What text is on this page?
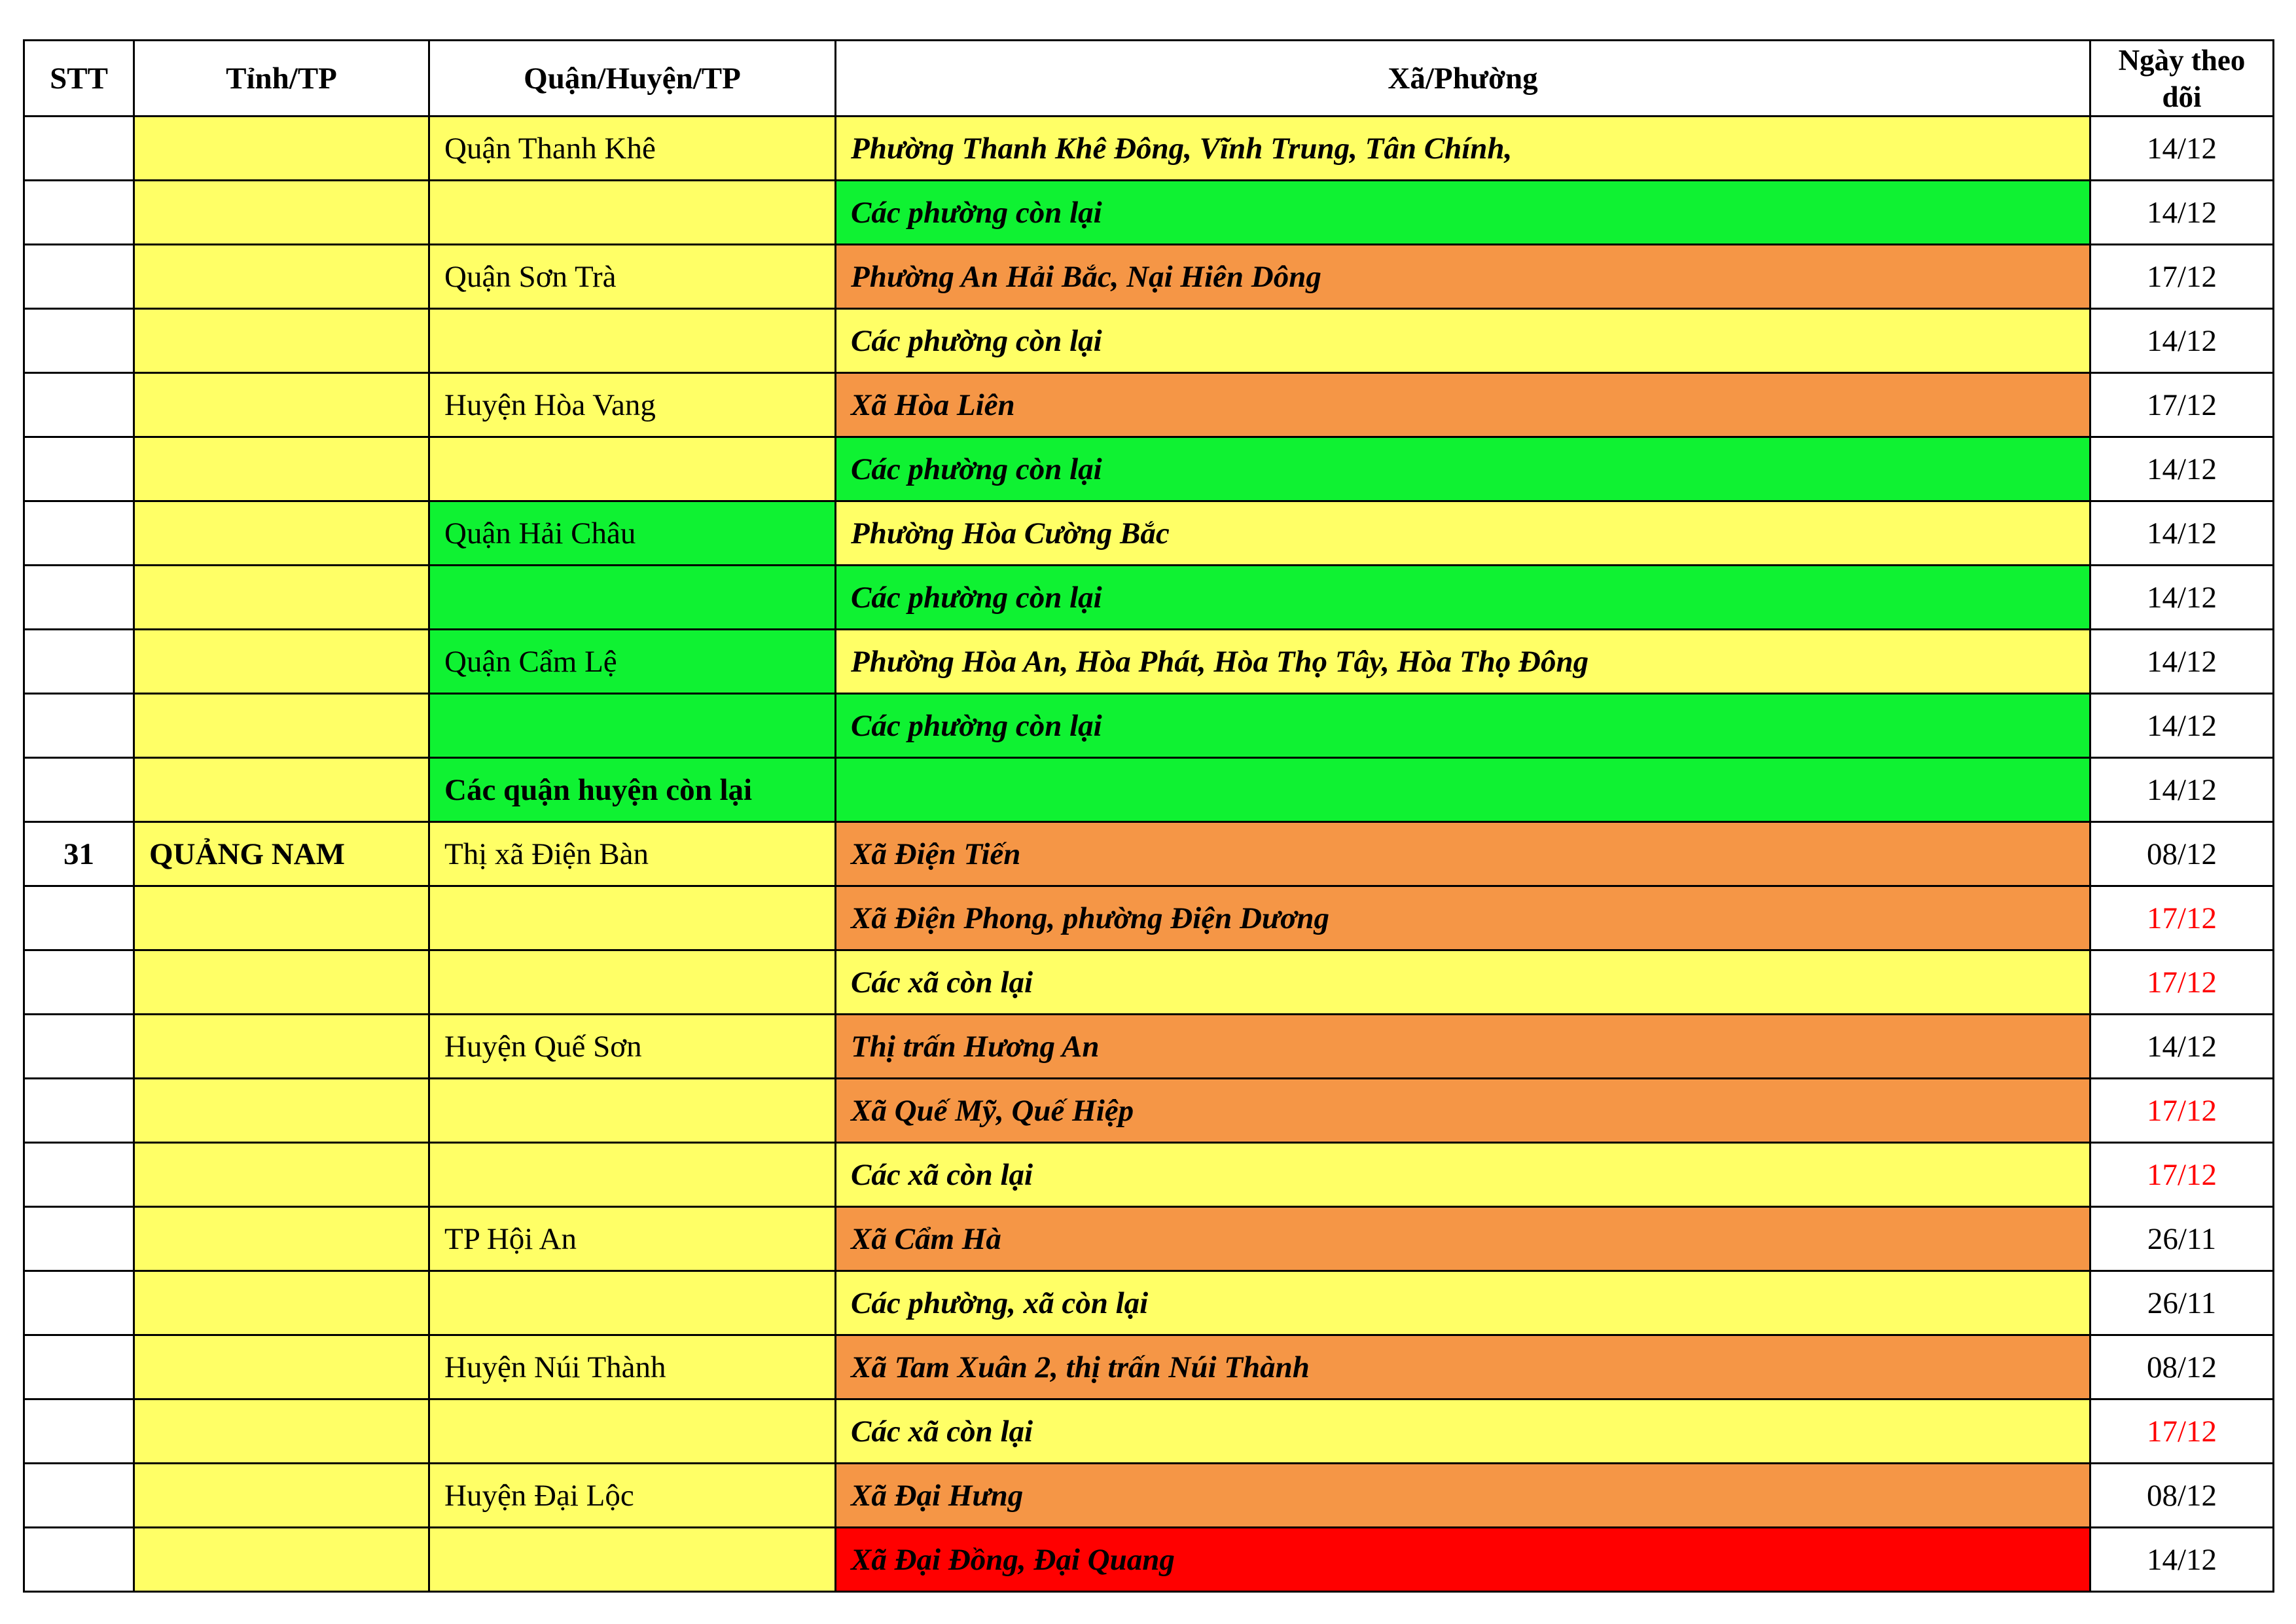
STT	Tỉnh/TP	Quận/Huyện/TP	Xã/Phường	Ngày theo dõi
		Quận Thanh Khê	Phường Thanh Khê Đông, Vĩnh Trung, Tân Chính,	14/12
			Các phường còn lại	14/12
		Quận Sơn Trà	Phường An Hải Bắc, Nại Hiên Dông	17/12
			Các phường còn lại	14/12
		Huyện Hòa Vang	Xã Hòa Liên	17/12
			Các phường còn lại	14/12
		Quận Hải Châu	Phường Hòa Cường Bắc	14/12
			Các phường còn lại	14/12
		Quận Cẩm Lệ	Phường Hòa An, Hòa Phát, Hòa Thọ Tây, Hòa Thọ Đông	14/12
			Các phường còn lại	14/12
		Các quận huyện còn lại		14/12
31	QUẢNG NAM	Thị xã Điện Bàn	Xã Điện Tiến	08/12
			Xã Điện Phong, phường Điện Dương	17/12
			Các xã còn lại	17/12
		Huyện Quế Sơn	Thị trấn Hương An	14/12
			Xã Quế Mỹ, Quế Hiệp	17/12
			Các xã còn lại	17/12
		TP Hội An	Xã Cẩm Hà	26/11
			Các phường, xã còn lại	26/11
		Huyện Núi Thành	Xã Tam Xuân 2, thị trấn Núi Thành	08/12
			Các xã còn lại	17/12
		Huyện Đại Lộc	Xã Đại Hưng	08/12
			Xã Đại Đồng, Đại Quang	14/12
